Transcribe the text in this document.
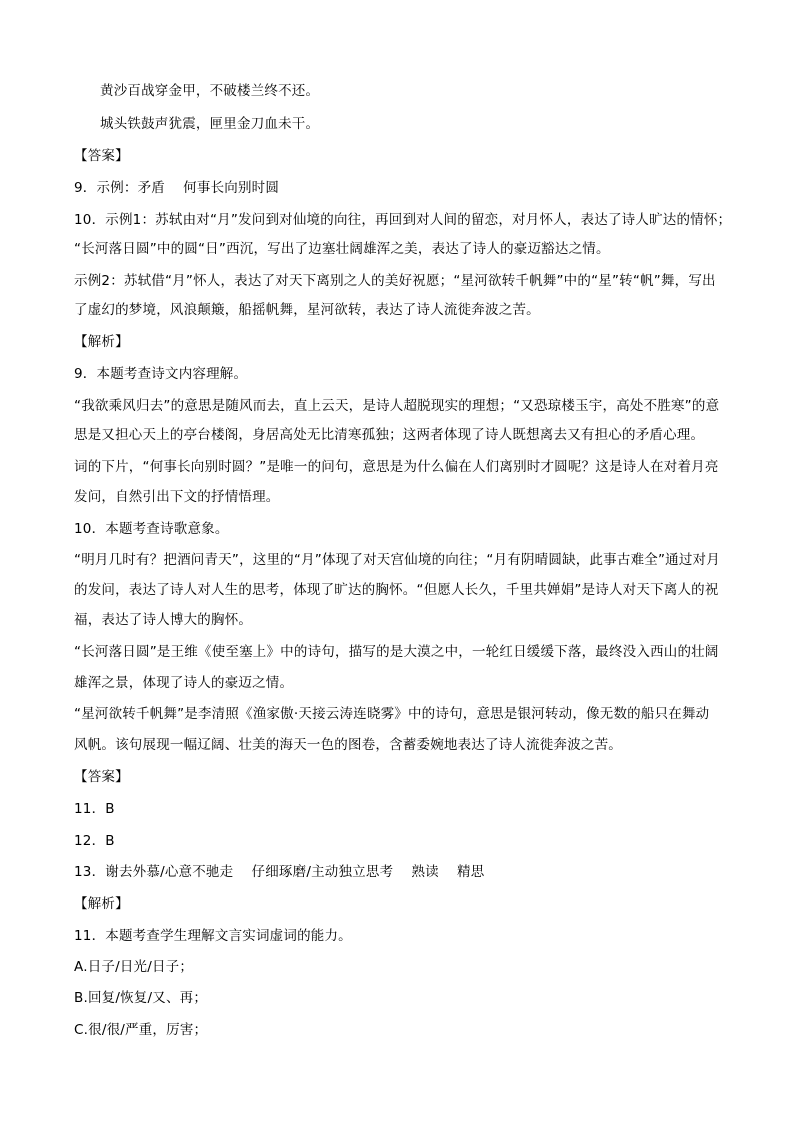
黄沙百战穿金甲，不破楼兰终不还。
城头铁鼓声犹震，匣里金刀血未干。
【答案】
9．示例：矛盾　 何事长向别时圆
10．示例1：苏轼由对“月”发问到对仙境的向往，再回到对人间的留恋，对月怀人，表达了诗人旷达的情怀；
“长河落日圆”中的圆“日”西沉，写出了边塞壮阔雄浑之美，表达了诗人的豪迈豁达之情。
示例2：苏轼借“月”怀人，表达了对天下离别之人的美好祝愿；“星河欲转千帆舞”中的“星”转“帆”舞，写出
了虚幻的梦境，风浪颠簸，船摇帆舞，星河欲转，表达了诗人流徙奔波之苦。
【解析】
9．本题考查诗文内容理解。
“我欲乘风归去”的意思是随风而去，直上云天，是诗人超脱现实的理想；“又恐琼楼玉宇，高处不胜寒”的意
思是又担心天上的亭台楼阁，身居高处无比清寒孤独；这两者体现了诗人既想离去又有担心的矛盾心理。
词的下片，“何事长向别时圆？”是唯一的问句，意思是为什么偏在人们离别时才圆呢？这是诗人在对着月亮
发问，自然引出下文的抒情悟理。
10．本题考查诗歌意象。
“明月几时有？把酒问青天”，这里的“月”体现了对天宫仙境的向往；“月有阴晴圆缺，此事古难全”通过对月
的发问，表达了诗人对人生的思考，体现了旷达的胸怀。“但愿人长久，千里共婵娟”是诗人对天下离人的祝
福，表达了诗人博大的胸怀。
“长河落日圆”是王维《使至塞上》中的诗句，描写的是大漠之中，一轮红日缓缓下落，最终没入西山的壮阔
雄浑之景，体现了诗人的豪迈之情。
“星河欲转千帆舞”是李清照《渔家傲·天接云涛连晓雾》中的诗句，意思是银河转动，像无数的船只在舞动
风帆。该句展现一幅辽阔、壮美的海天一色的图卷，含蓄委婉地表达了诗人流徙奔波之苦。
【答案】
11．B
12．B
13．谢去外慕/心意不驰走　 仔细琢磨/主动独立思考　 熟读　 精思
【解析】
11．本题考查学生理解文言实词虚词的能力。
A.日子/日光/日子；
B.回复/恢复/又、再；
C.很/很/严重，厉害；
